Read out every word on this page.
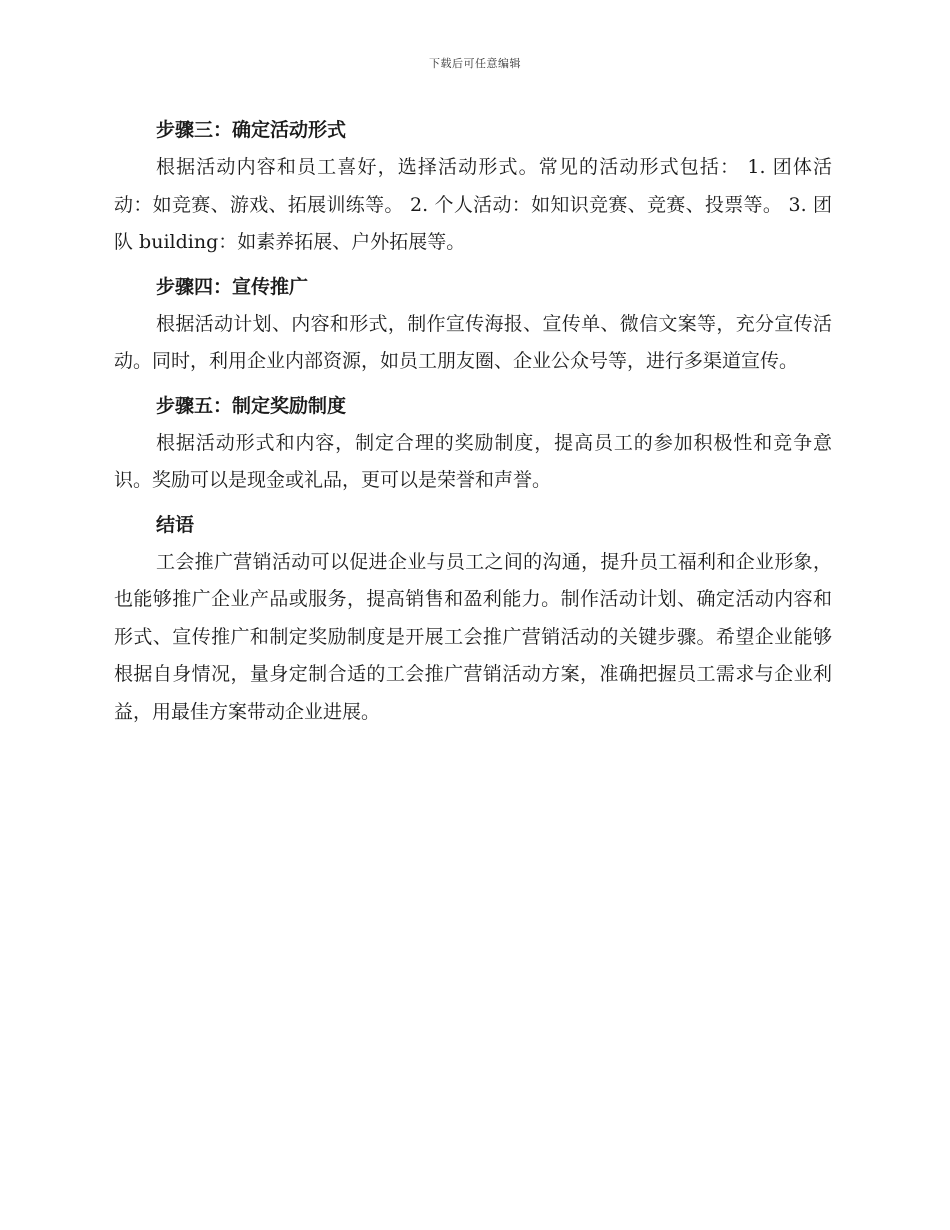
下载后可任意编辑
步骤三：确定活动形式

根据活动内容和员工喜好，选择活动形式。常见的活动形式包括： 1. 团体活动：如竞赛、游戏、拓展训练等。 2. 个人活动：如知识竞赛、竞赛、投票等。 3. 团队 building：如素养拓展、户外拓展等。

步骤四：宣传推广

根据活动计划、内容和形式，制作宣传海报、宣传单、微信文案等，充分宣传活动。同时，利用企业内部资源，如员工朋友圈、企业公众号等，进行多渠道宣传。

步骤五：制定奖励制度

根据活动形式和内容，制定合理的奖励制度，提高员工的参加积极性和竞争意识。奖励可以是现金或礼品，更可以是荣誉和声誉。

结语

工会推广营销活动可以促进企业与员工之间的沟通，提升员工福利和企业形象，也能够推广企业产品或服务，提高销售和盈利能力。制作活动计划、确定活动内容和形式、宣传推广和制定奖励制度是开展工会推广营销活动的关键步骤。希望企业能够根据自身情况，量身定制合适的工会推广营销活动方案，准确把握员工需求与企业利益，用最佳方案带动企业进展。
